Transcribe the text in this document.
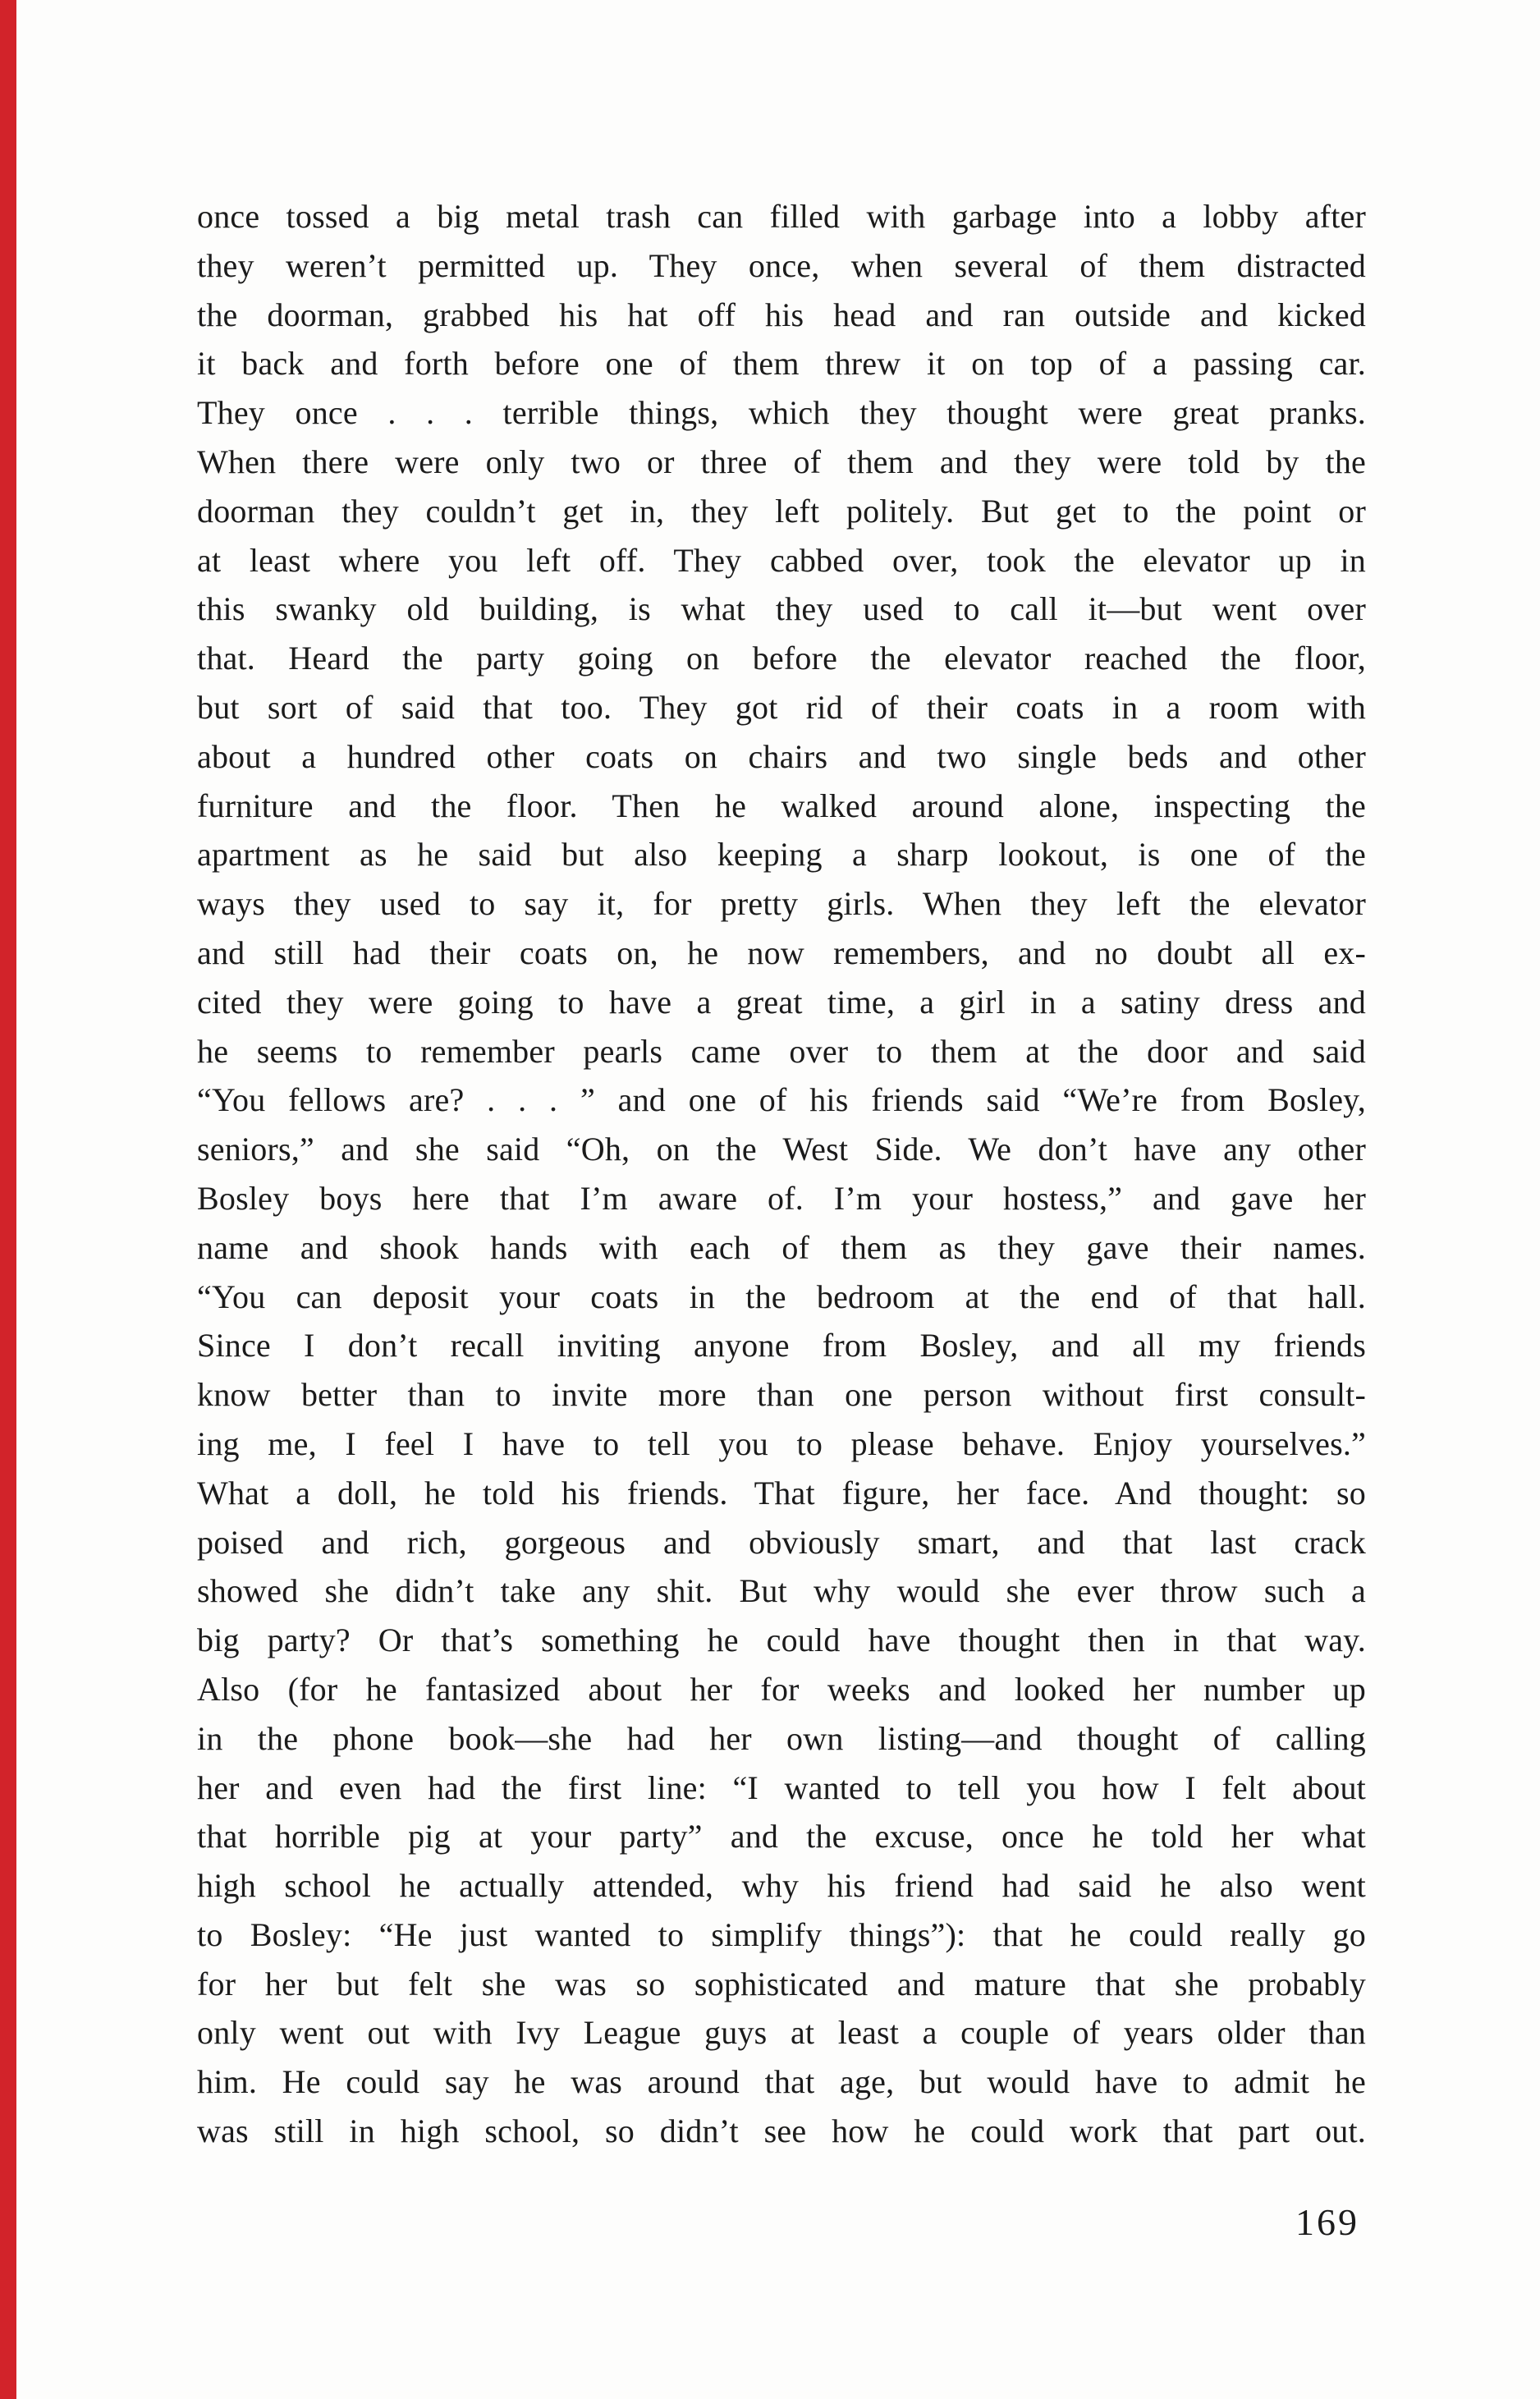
once tossed a big metal trash can filled with garbage into a lobby after
they weren’t permitted up. They once, when several of them distracted
the doorman, grabbed his hat off his head and ran outside and kicked
it back and forth before one of them threw it on top of a passing car.
They once . . . terrible things, which they thought were great pranks.
When there were only two or three of them and they were told by the
doorman they couldn’t get in, they left politely. But get to the point or
at least where you left off. They cabbed over, took the elevator up in
this swanky old building, is what they used to call it—but went over
that. Heard the party going on before the elevator reached the floor,
but sort of said that too. They got rid of their coats in a room with
about a hundred other coats on chairs and two single beds and other
furniture and the floor. Then he walked around alone, inspecting the
apartment as he said but also keeping a sharp lookout, is one of the
ways they used to say it, for pretty girls. When they left the elevator
and still had their coats on, he now remembers, and no doubt all ex-
cited they were going to have a great time, a girl in a satiny dress and
he seems to remember pearls came over to them at the door and said
“You fellows are? . . . ” and one of his friends said “We’re from Bosley,
seniors,” and she said “Oh, on the West Side. We don’t have any other
Bosley boys here that I’m aware of. I’m your hostess,” and gave her
name and shook hands with each of them as they gave their names.
“You can deposit your coats in the bedroom at the end of that hall.
Since I don’t recall inviting anyone from Bosley, and all my friends
know better than to invite more than one person without first consult-
ing me, I feel I have to tell you to please behave. Enjoy yourselves.”
What a doll, he told his friends. That figure, her face. And thought: so
poised and rich, gorgeous and obviously smart, and that last crack
showed she didn’t take any shit. But why would she ever throw such a
big party? Or that’s something he could have thought then in that way.
Also (for he fantasized about her for weeks and looked her number up
in the phone book—she had her own listing—and thought of calling
her and even had the first line: “I wanted to tell you how I felt about
that horrible pig at your party” and the excuse, once he told her what
high school he actually attended, why his friend had said he also went
to Bosley: “He just wanted to simplify things”): that he could really go
for her but felt she was so sophisticated and mature that she probably
only went out with Ivy League guys at least a couple of years older than
him. He could say he was around that age, but would have to admit he
was still in high school, so didn’t see how he could work that part out.
169
